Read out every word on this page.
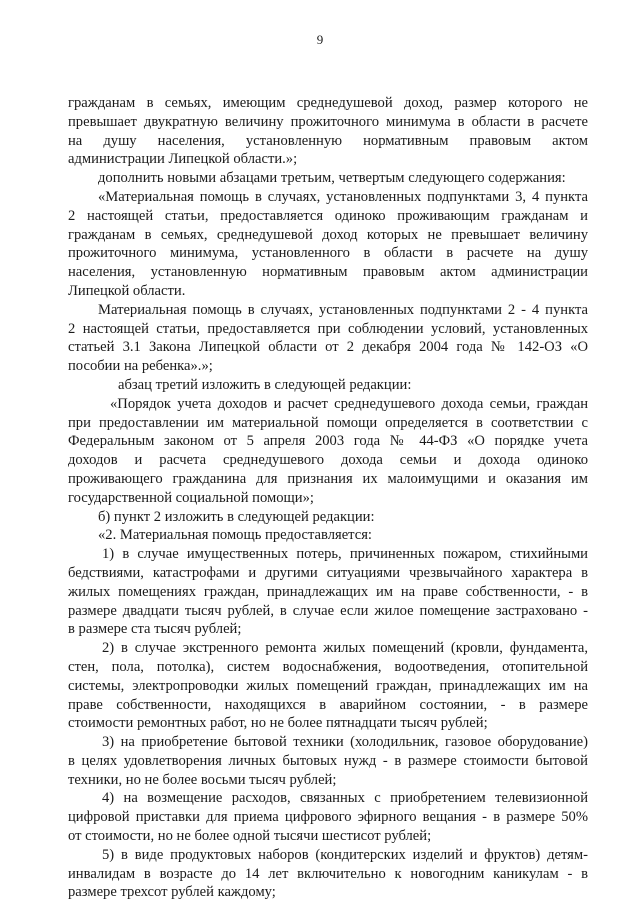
9
гражданам в семьях, имеющим среднедушевой доход, размер которого не
превышает двукратную величину прожиточного минимума в области в расчете
на душу населения, установленную нормативным правовым актом
администрации Липецкой области.»;
дополнить новыми абзацами третьим, четвертым следующего содержания:
«Материальная помощь в случаях, установленных подпунктами 3, 4 пункта
2 настоящей статьи, предоставляется одиноко проживающим гражданам и
гражданам в семьях, среднедушевой доход которых не превышает величину
прожиточного минимума, установленного в области в расчете на душу
населения, установленную нормативным правовым актом администрации
Липецкой области.
Материальная помощь в случаях, установленных подпунктами 2 - 4 пункта
2 настоящей статьи, предоставляется при соблюдении условий, установленных
статьей 3.1 Закона Липецкой области от 2 декабря 2004 года № 142-ОЗ «О
пособии на ребенка».»;
абзац третий изложить в следующей редакции:
«Порядок учета доходов и расчет среднедушевого дохода семьи, граждан
при предоставлении им материальной помощи определяется в соответствии с
Федеральным законом от 5 апреля 2003 года № 44-ФЗ «О порядке учета
доходов и расчета среднедушевого дохода семьи и дохода одиноко
проживающего гражданина для признания их малоимущими и оказания им
государственной социальной помощи»;
б) пункт 2 изложить в следующей редакции:
«2. Материальная помощь предоставляется:
1) в случае имущественных потерь, причиненных пожаром, стихийными
бедствиями, катастрофами и другими ситуациями чрезвычайного характера в
жилых помещениях граждан, принадлежащих им на праве собственности, - в
размере двадцати тысяч рублей, в случае если жилое помещение застраховано -
в размере ста тысяч рублей;
2) в случае экстренного ремонта жилых помещений (кровли, фундамента,
стен, пола, потолка), систем водоснабжения, водоотведения, отопительной
системы, электропроводки жилых помещений граждан, принадлежащих им на
праве собственности, находящихся в аварийном состоянии, - в размере
стоимости ремонтных работ, но не более пятнадцати тысяч рублей;
3) на приобретение бытовой техники (холодильник, газовое оборудование)
в целях удовлетворения личных бытовых нужд - в размере стоимости бытовой
техники, но не более восьми тысяч рублей;
4) на возмещение расходов, связанных с приобретением телевизионной
цифровой приставки для приема цифрового эфирного вещания - в размере 50%
от стоимости, но не более одной тысячи шестисот рублей;
5) в виде продуктовых наборов (кондитерских изделий и фруктов) детям-
инвалидам в возрасте до 14 лет включительно к новогодним каникулам - в
размере трехсот рублей каждому;
